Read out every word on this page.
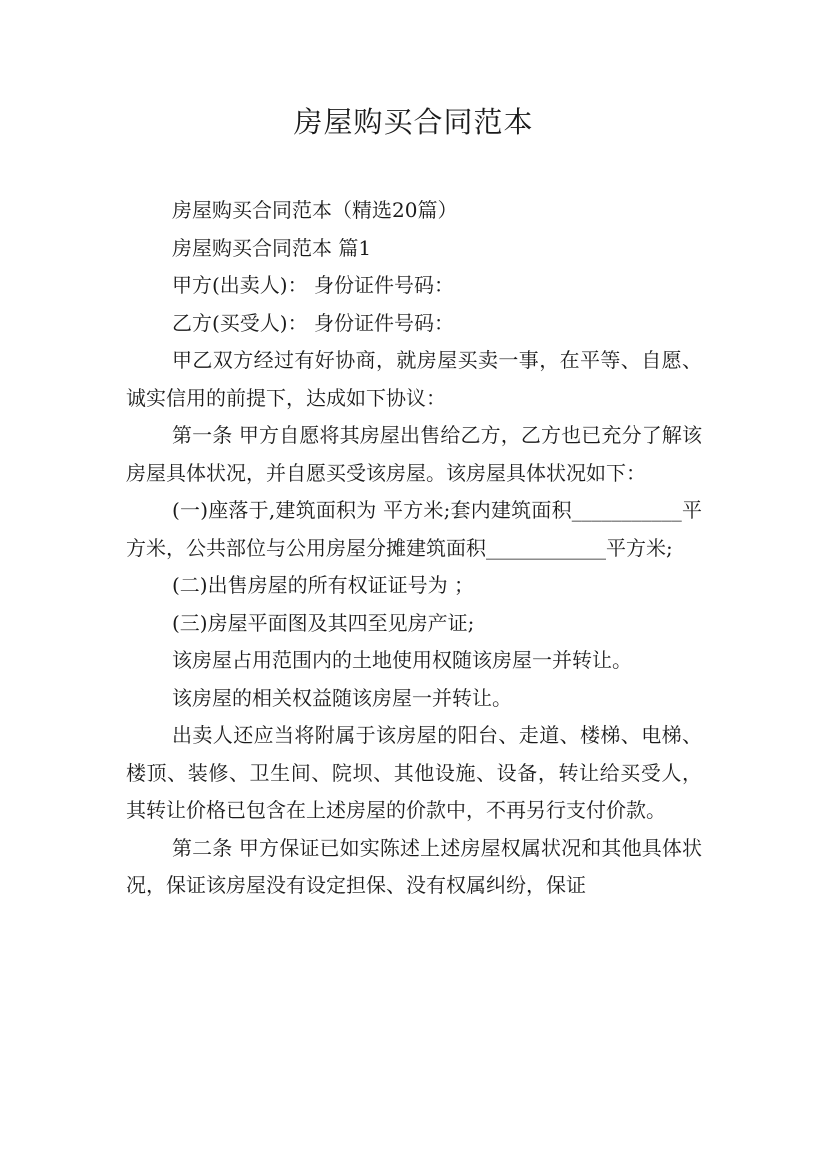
房屋购买合同范本

房屋购买合同范本（精选20篇）

房屋购买合同范本 篇1

甲方(出卖人)： 身份证件号码：

乙方(买受人)： 身份证件号码：

甲乙双方经过有好协商，就房屋买卖一事，在平等、自愿、诚实信用的前提下，达成如下协议：

第一条 甲方自愿将其房屋出售给乙方，乙方也已充分了解该房屋具体状况，并自愿买受该房屋。该房屋具体状况如下：

(一)座落于,建筑面积为 平方米;套内建筑面积___________平方米，公共部位与公用房屋分摊建筑面积____________平方米;

(二)出售房屋的所有权证证号为 ；

(三)房屋平面图及其四至见房产证;

该房屋占用范围内的土地使用权随该房屋一并转让。

该房屋的相关权益随该房屋一并转让。

出卖人还应当将附属于该房屋的阳台、走道、楼梯、电梯、楼顶、装修、卫生间、院坝、其他设施、设备，转让给买受人，其转让价格已包含在上述房屋的价款中，不再另行支付价款。

第二条 甲方保证已如实陈述上述房屋权属状况和其他具体状况，保证该房屋没有设定担保、没有权属纠纷，保证
